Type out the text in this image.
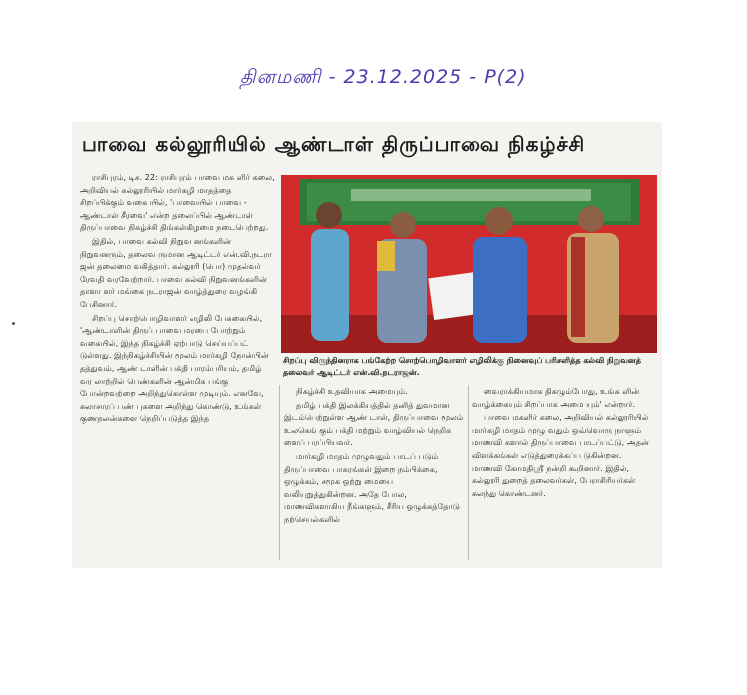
தினமணி - 23.12.2025 - P(2)
பாவை கல்லூரியில் ஆண்டாள் திருப்பாவை நிகழ்ச்சி

ராசிபுரம், டிச. 22: ராசிபுரம் பாவை மக ளிர் கலை, அறிவியல் கல்லூரியில் மார்கழி மாதத்தை சிறப்பிக்கும் வகை யில், 'பாவையில் பாவை - ஆண்டாள் சீரவை' என்ற தலைப்பில் ஆண்டாள் திருப்பாவை நிகழ்ச்சி திங்கள்கிழமை நடைபெற்றது.

இதில், பாவை கல்வி நிறுவ னங்களின் நிறுவனரும், தலைவ ருமான ஆடிட்டர் என்.வி.நடரா ஜன் தலைமை வகித்தார். கல்லூரி (பொ) முதல்வர் ரேவதி வரவேற்றார். பாவை கல்வி நிறுவனங்களின் தாளா ளர் மங்கை நடராஜன் வாழ்த்துரை வழங்கி பேசினார்.

சிறப்பு சொற்பொழிவாளர் எழிலி பேசுகையில், 'ஆண்டாளின் திருப் பாவை மரபை போற்றும் வகையில், இந்த நிகழ்ச்சி ஏற்பாடு செய்யப்பட் டுள்ளது. இந்நிகழ்ச்சியின் மூலம் மார்கழி நோன்பின் தத்துவம், ஆண் டாளின் பக்தி பாரம்பரியம், தமிழ் வர லாற்றில் பெண்களின் ஆன்மிக பங்கு போன்றவற்றை அறிந்துகொள்ள முடியும். எனவே, கலாசாரப் பண் புகளை அறிந்து கொண்டு, உங்கள் குணநலன்களை நெறிப்படுத்த இந்த

சிறப்பு விருந்தினராக பங்கேற்ற சொற்பொழிவாளர் எழிலிக்கு நினைவுப் பரிசளித்த கல்வி நிறுவனத் தலைவர் ஆடிட்டர் என்.வி.நடராஜன்.

நிகழ்ச்சி உதவியாக அமையும்.

தமிழ் பக்தி இலக்கியத்தில் தனித் துவமான இடம்பெற்றுள்ள ஆண் டாள், திருப்பாவை மூலம் உலகெங் கும் பக்தி மற்றும் வாழ்வியல் நெறிக ளைப் பரப்பியவர்.

மார்கழி மாதம் முழுவதும் பாடப் படும் திருப்பாவை பாசுரங்கள் இறை நம்பிக்கை, ஒழுக்கம், சமூக ஒற்று மையை வலியுறுத்துகின்றன. அதே போல, மாணவிகளாகிய நீங்களும், சீரிய ஒழுக்கத்தோடு நற்செயல்களில்

வைராக்கியமாக திகழும்போது, உங்க ளின் வாழ்க்கையும் சிறப்பாக அமை யும்' என்றார்.

பாவை மகளிர் கலை, அறிவியல் கல்லூரியில் மார்கழி மாதம் முழு வதும் ஒவ்வொரு நாளும் மாணவி களால் திருப்பாவை பாடப்பட்டு, அதன் விளக்கங்கள் எடுத்துரைக்கப்ப டுகின்றன. மாணவி கோமதிஸ்ரீ நன்றி கூறினார். இதில், கல்லூரி துறைத் தலைவர்கள், பேராசிரியர்கள் கலந்து கொண்டனர்.
